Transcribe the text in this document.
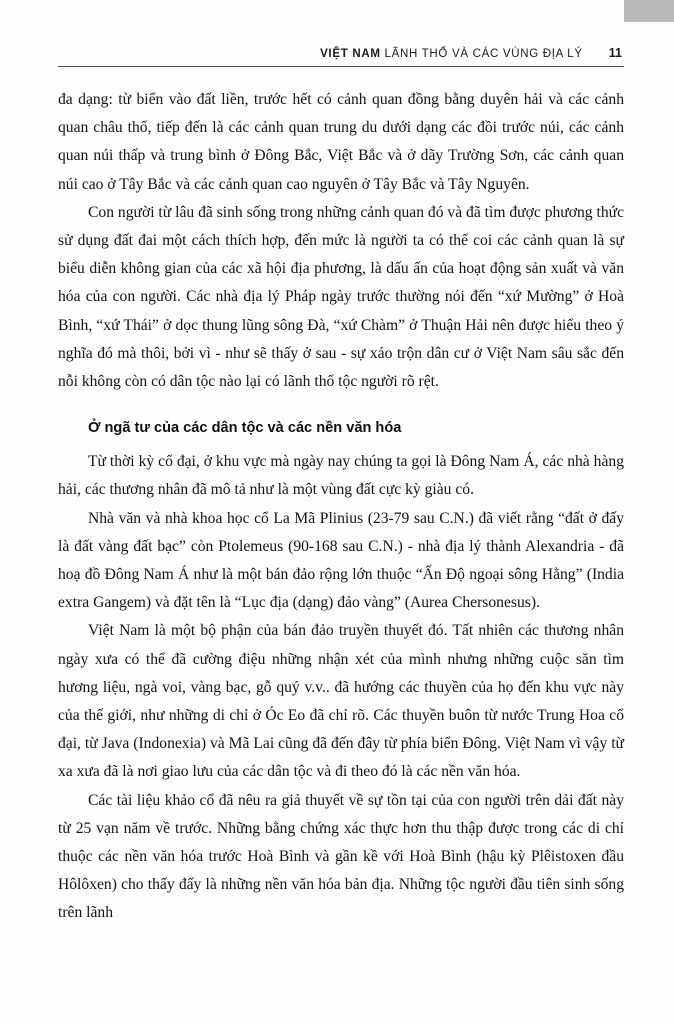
VIỆT NAM LÃNH THỔ VÀ CÁC VÙNG ĐỊA LÝ 11

đa dạng: từ biển vào đất liền, trước hết có cảnh quan đồng bằng duyên hải và các cảnh quan châu thổ, tiếp đến là các cảnh quan trung du dưới dạng các đồi trước núi, các cảnh quan núi thấp và trung bình ở Đông Bắc, Việt Bắc và ở dãy Trường Sơn, các cảnh quan núi cao ở Tây Bắc và các cảnh quan cao nguyên ở Tây Bắc và Tây Nguyên.

Con người từ lâu đã sinh sống trong những cảnh quan đó và đã tìm được phương thức sử dụng đất đai một cách thích hợp, đến mức là người ta có thể coi các cảnh quan là sự biểu diễn không gian của các xã hội địa phương, là dấu ấn của hoạt động sản xuất và văn hóa của con người. Các nhà địa lý Pháp ngày trước thường nói đến “xứ Mường” ở Hoà Bình, “xứ Thái” ở dọc thung lũng sông Đà, “xứ Chàm” ở Thuận Hải nên được hiểu theo ý nghĩa đó mà thôi, bởi vì - như sẽ thấy ở sau - sự xáo trộn dân cư ở Việt Nam sâu sắc đến nỗi không còn có dân tộc nào lại có lãnh thổ tộc người rõ rệt.

Ở ngã tư của các dân tộc và các nền văn hóa

Từ thời kỳ cổ đại, ở khu vực mà ngày nay chúng ta gọi là Đông Nam Á, các nhà hàng hải, các thương nhân đã mô tả như là một vùng đất cực kỳ giàu có.

Nhà văn và nhà khoa học cổ La Mã Plinius (23-79 sau C.N.) đã viết rằng “đất ở đấy là đất vàng đất bạc” còn Ptolemeus (90-168 sau C.N.) - nhà địa lý thành Alexandria - đã hoạ đồ Đông Nam Á như là một bán đảo rộng lớn thuộc “Ấn Độ ngoại sông Hằng” (India extra Gangem) và đặt tên là “Lục địa (dạng) đảo vàng” (Aurea Chersonesus).

Việt Nam là một bộ phận của bán đảo truyền thuyết đó. Tất nhiên các thương nhân ngày xưa có thể đã cường điệu những nhận xét của mình nhưng những cuộc săn tìm hương liệu, ngà voi, vàng bạc, gỗ quý v.v.. đã hướng các thuyền của họ đến khu vực này của thế giới, như những di chỉ ở Óc Eo đã chỉ rõ. Các thuyền buôn từ nước Trung Hoa cổ đại, từ Java (Indonexia) và Mã Lai cũng đã đến đây từ phía biển Đông. Việt Nam vì vậy từ xa xưa đã là nơi giao lưu của các dân tộc và đi theo đó là các nền văn hóa.

Các tài liệu khảo cổ đã nêu ra giả thuyết về sự tồn tại của con người trên dải đất này từ 25 vạn năm về trước. Những bằng chứng xác thực hơn thu thập được trong các di chỉ thuộc các nền văn hóa trước Hoà Bình và gần kề với Hoà Bình (hậu kỳ Plêistoxen đầu Hôlôxen) cho thấy đấy là những nền văn hóa bản địa. Những tộc người đầu tiên sinh sống trên lãnh
